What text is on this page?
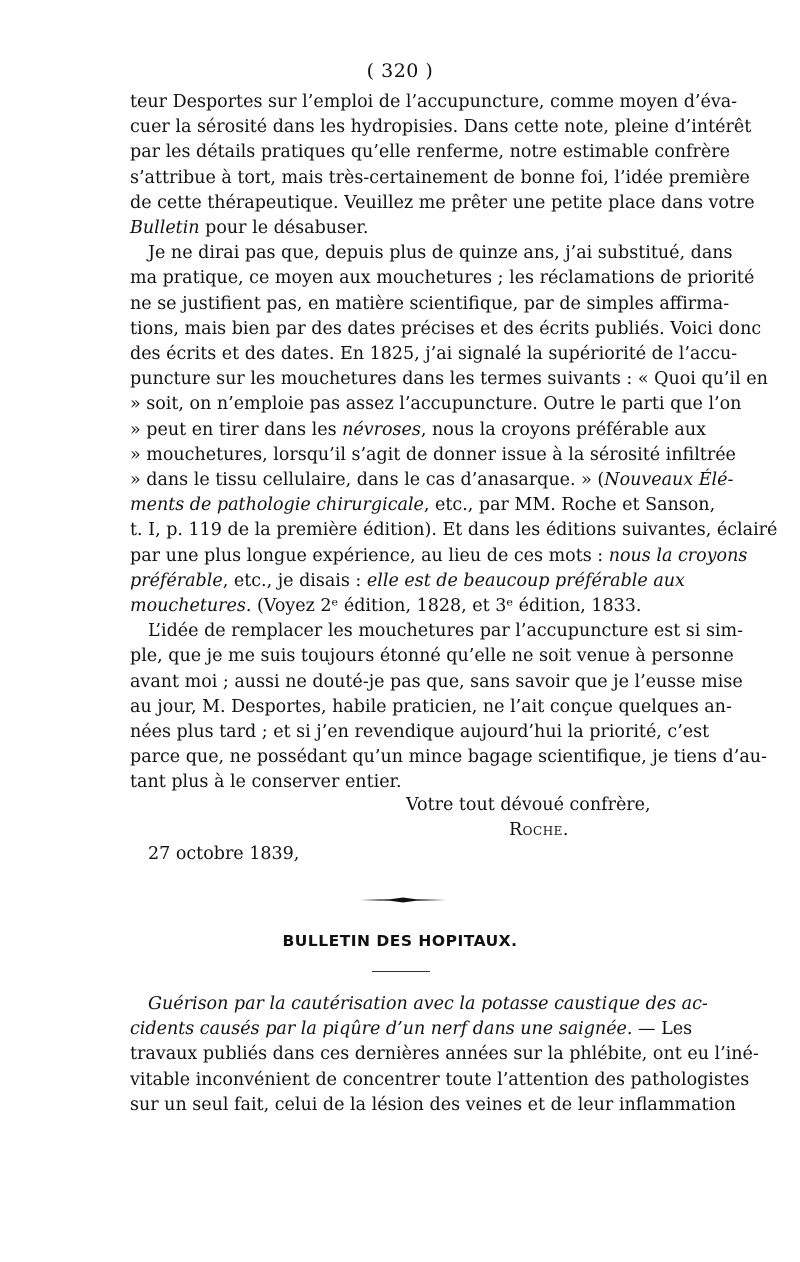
( 320 )
teur Desportes sur l’emploi de l’accupuncture, comme moyen d’éva-
cuer la sérosité dans les hydropisies. Dans cette note, pleine d’intérêt
par les détails pratiques qu’elle renferme, notre estimable confrère
s’attribue à tort, mais très-certainement de bonne foi, l’idée première
de cette thérapeutique. Veuillez me prêter une petite place dans votre
Bulletin pour le désabuser.
Je ne dirai pas que, depuis plus de quinze ans, j’ai substitué, dans
ma pratique, ce moyen aux mouchetures ; les réclamations de priorité
ne se justifient pas, en matière scientifique, par de simples affirma-
tions, mais bien par des dates précises et des écrits publiés. Voici donc
des écrits et des dates. En 1825, j’ai signalé la supériorité de l’accu-
puncture sur les mouchetures dans les termes suivants : « Quoi qu’il en
» soit, on n’emploie pas assez l’accupuncture. Outre le parti que l’on
» peut en tirer dans les névroses, nous la croyons préférable aux
» mouchetures, lorsqu’il s’agit de donner issue à la sérosité infiltrée
» dans le tissu cellulaire, dans le cas d’anasarque. » (Nouveaux Élé-
ments de pathologie chirurgicale, etc., par MM. Roche et Sanson,
t. I, p. 119 de la première édition). Et dans les éditions suivantes, éclairé
par une plus longue expérience, au lieu de ces mots : nous la croyons
préférable, etc., je disais : elle est de beaucoup préférable aux
mouchetures. (Voyez 2ᵉ édition, 1828, et 3ᵉ édition, 1833.
L’idée de remplacer les mouchetures par l’accupuncture est si sim-
ple, que je me suis toujours étonné qu’elle ne soit venue à personne
avant moi ; aussi ne douté-je pas que, sans savoir que je l’eusse mise
au jour, M. Desportes, habile praticien, ne l’ait conçue quelques an-
nées plus tard ; et si j’en revendique aujourd’hui la priorité, c’est
parce que, ne possédant qu’un mince bagage scientifique, je tiens d’au-
tant plus à le conserver entier.
Votre tout dévoué confrère,
Roche.
27 octobre 1839,
BULLETIN DES HOPITAUX.
Guérison par la cautérisation avec la potasse caustique des ac-
cidents causés par la piqûre d’un nerf dans une saignée. — Les
travaux publiés dans ces dernières années sur la phlébite, ont eu l’iné-
vitable inconvénient de concentrer toute l’attention des pathologistes
sur un seul fait, celui de la lésion des veines et de leur inflammation
